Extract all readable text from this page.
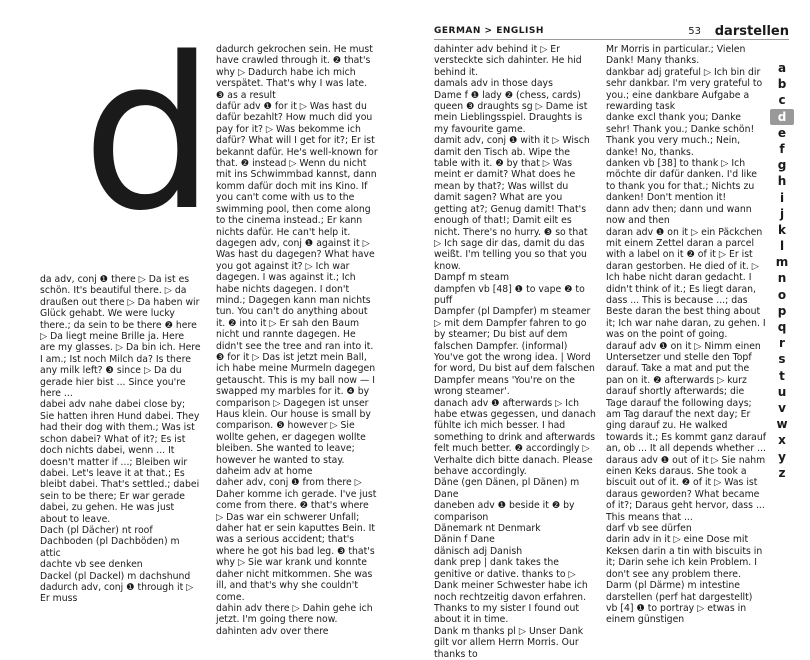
d	GERMAN > ENGLISH	53 darstellen

da adv, conj ❶ there ▷ Da ist es schön. It's beautiful there. ▷ da draußen out there ▷ Da haben wir Glück gehabt. We were lucky there.; da sein to be there ❷ here ▷ Da liegt meine Brille ja. Here are my glasses. ▷ Da bin ich. Here I am.; Ist noch Milch da? Is there any milk left? ❸ since ▷ Da du gerade hier bist ... Since you're here ...

dabei adv nahe dabei close by; Sie hatten ihren Hund dabei. They had their dog with them.; Was ist schon dabei? What of it?; Es ist doch nichts dabei, wenn ... It doesn't matter if ...; Bleiben wir dabei. Let's leave it at that.; Es bleibt dabei. That's settled.; dabei sein to be there; Er war gerade dabei, zu gehen. He was just about to leave.

Dach (pl Dächer) nt roof

Dachboden (pl Dachböden) m attic

dachte vb see denken

Dackel (pl Dackel) m dachshund

dadurch adv, conj ❶ through it ▷ Er muss

dadurch gekrochen sein. He must have crawled through it. ❷ that's why ▷ Dadurch habe ich mich verspätet. That's why I was late. ❸ as a result

dafür adv ❶ for it ▷ Was hast du dafür bezahlt? How much did you pay for it? ▷ Was bekomme ich dafür? What will I get for it?; Er ist bekannt dafür. He's well-known for that. ❷ instead ▷ Wenn du nicht mit ins Schwimmbad kannst, dann komm dafür doch mit ins Kino. If you can't come with us to the swimming pool, then come along to the cinema instead.; Er kann nichts dafür. He can't help it.

dagegen adv, conj ❶ against it ▷ Was hast du dagegen? What have you got against it? ▷ Ich war dagegen. I was against it.; Ich habe nichts dagegen. I don't mind.; Dagegen kann man nichts tun. You can't do anything about it. ❷ into it ▷ Er sah den Baum nicht und rannte dagegen. He didn't see the tree and ran into it. ❸ for it ▷ Das ist jetzt mein Ball, ich habe meine Murmeln dagegen getauscht. This is my ball now — I swapped my marbles for it. ❹ by comparison ▷ Dagegen ist unser Haus klein. Our house is small by comparison. ❺ however ▷ Sie wollte gehen, er dagegen wollte bleiben. She wanted to leave; however he wanted to stay.

daheim adv at home

daher adv, conj ❶ from there ▷ Daher komme ich gerade. I've just come from there. ❷ that's where ▷ Das war ein schwerer Unfall; daher hat er sein kaputtes Bein. It was a serious accident; that's where he got his bad leg. ❸ that's why ▷ Sie war krank und konnte daher nicht mitkommen. She was ill, and that's why she couldn't come.

dahin adv there ▷ Dahin gehe ich jetzt. I'm going there now.

dahinten adv over there

dahinter adv behind it ▷ Er versteckte sich dahinter. He hid behind it.

damals adv in those days

Dame f ❶ lady ❷ (chess, cards) queen ❸ draughts sg ▷ Dame ist mein Lieblingsspiel. Draughts is my favourite game.

damit adv, conj ❶ with it ▷ Wisch damit den Tisch ab. Wipe the table with it. ❷ by that ▷ Was meint er damit? What does he mean by that?; Was willst du damit sagen? What are you getting at?; Genug damit! That's enough of that!; Damit eilt es nicht. There's no hurry. ❸ so that ▷ Ich sage dir das, damit du das weißt. I'm telling you so that you know.

Dampf m steam

dampfen vb [48] ❶ to vape ❷ to puff

Dampfer (pl Dampfer) m steamer ▷ mit dem Dampfer fahren to go by steamer; Du bist auf dem falschen Dampfer. (informal) You've got the wrong idea. | Word for word, Du bist auf dem falschen Dampfer means 'You're on the wrong steamer'.

danach adv ❶ afterwards ▷ Ich habe etwas gegessen, und danach fühlte ich mich besser. I had something to drink and afterwards felt much better. ❷ accordingly ▷ Verhalte dich bitte danach. Please behave accordingly.

Däne (gen Dänen, pl Dänen) m Dane

daneben adv ❶ beside it ❷ by comparison

Dänemark nt Denmark

Dänin f Dane

dänisch adj Danish

dank prep | dank takes the genitive or dative. thanks to ▷ Dank meiner Schwester habe ich noch rechtzeitig davon erfahren. Thanks to my sister I found out about it in time.

Dank m thanks pl ▷ Unser Dank gilt vor allem Herrn Morris. Our thanks to

Mr Morris in particular.; Vielen Dank! Many thanks.

dankbar adj grateful ▷ Ich bin dir sehr dankbar. I'm very grateful to you.; eine dankbare Aufgabe a rewarding task

danke excl thank you; Danke sehr! Thank you.; Danke schön! Thank you very much.; Nein, danke! No, thanks.

danken vb [38] to thank ▷ Ich möchte dir dafür danken. I'd like to thank you for that.; Nichts zu danken! Don't mention it!

dann adv then; dann und wann now and then

daran adv ❶ on it ▷ ein Päckchen mit einem Zettel daran a parcel with a label on it ❷ of it ▷ Er ist daran gestorben. He died of it. ▷ Ich habe nicht daran gedacht. I didn't think of it.; Es liegt daran, dass ... This is because ...; das Beste daran the best thing about it; Ich war nahe daran, zu gehen. I was on the point of going.

darauf adv ❶ on it ▷ Nimm einen Untersetzer und stelle den Topf darauf. Take a mat and put the pan on it. ❷ afterwards ▷ kurz darauf shortly afterwards; die Tage darauf the following days; am Tag darauf the next day; Er ging darauf zu. He walked towards it.; Es kommt ganz darauf an, ob ... It all depends whether ...

daraus adv ❶ out of it ▷ Sie nahm einen Keks daraus. She took a biscuit out of it. ❷ of it ▷ Was ist daraus geworden? What became of it?; Daraus geht hervor, dass ... This means that ...

darf vb see dürfen

darin adv in it ▷ eine Dose mit Keksen darin a tin with biscuits in it; Darin sehe ich kein Problem. I don't see any problem there.

Darm (pl Därme) m intestine

darstellen (perf hat dargestellt) vb [4] ❶ to portray ▷ etwas in einem günstigen

a
b
c
d
e
f
g
h
i
j
k
l
m
n
o
p
q
r
s
t
u
v
w
x
y
z
